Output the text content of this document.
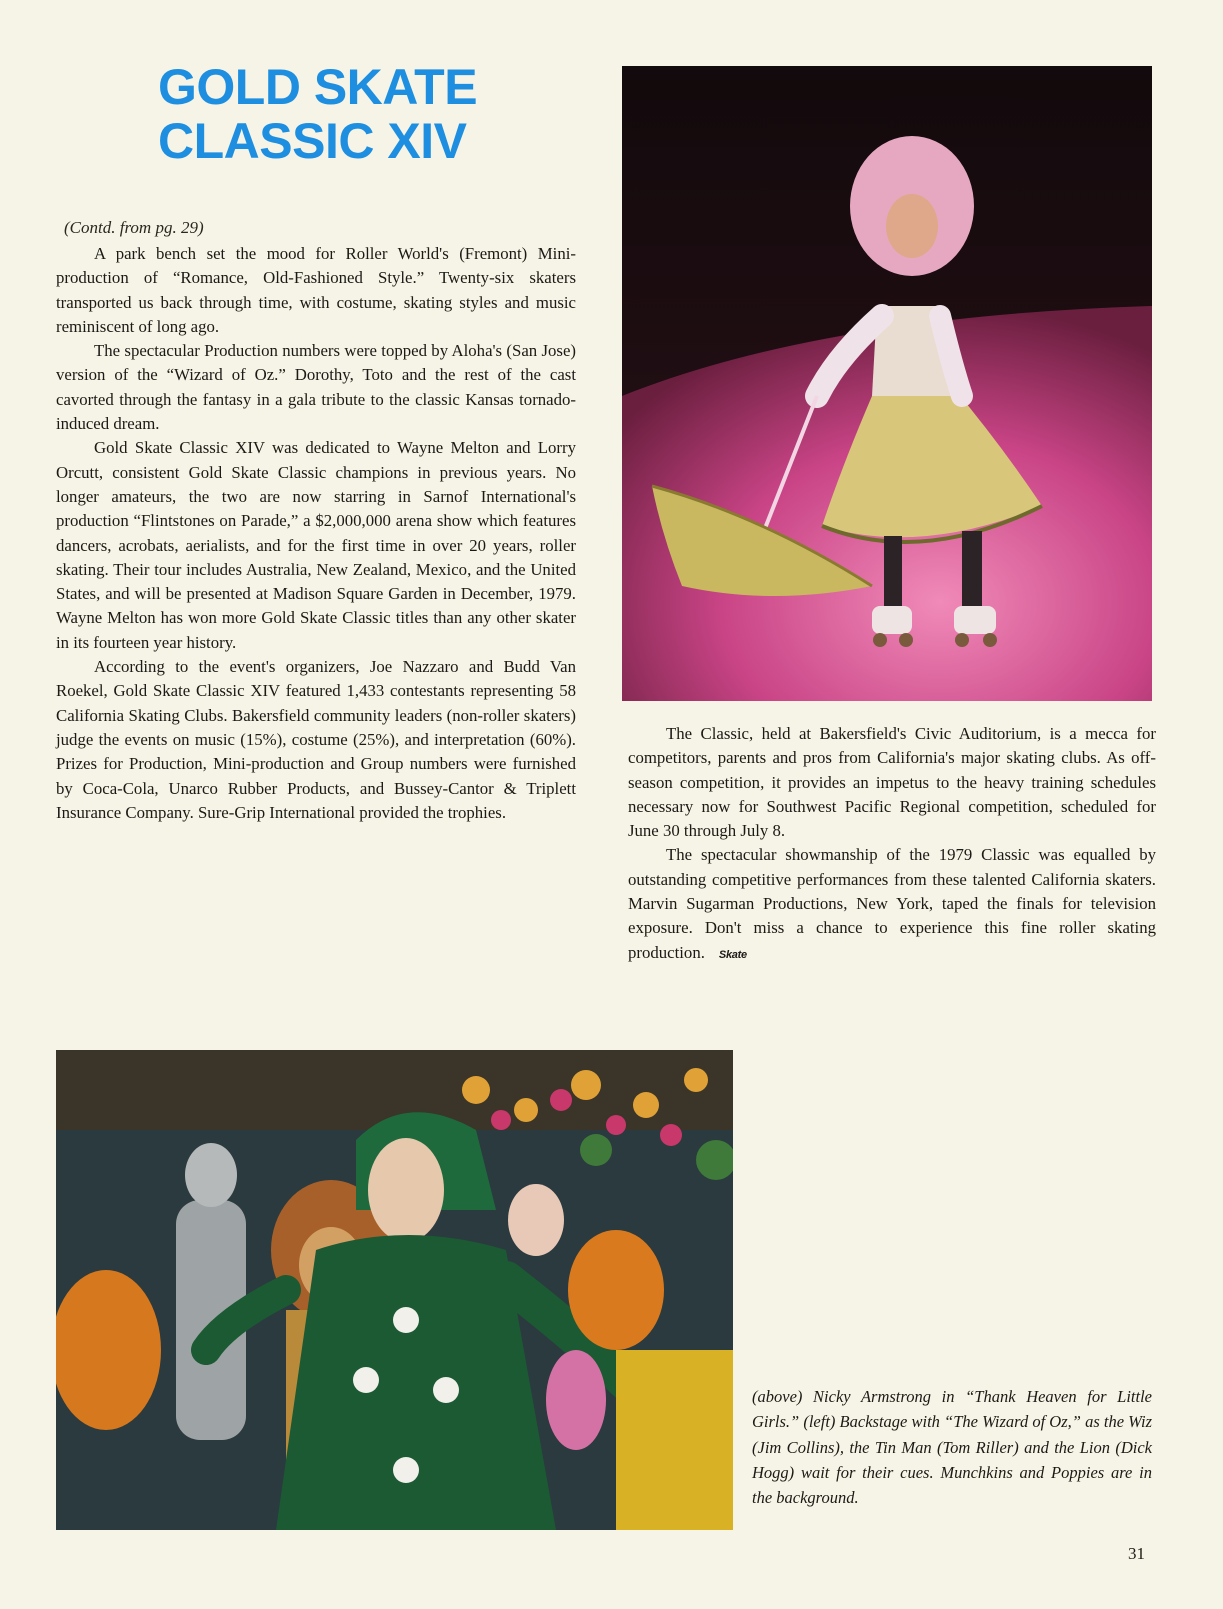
GOLD SKATE
CLASSIC XIV
(Contd. from pg. 29)

A park bench set the mood for Roller World's (Fremont) Mini-production of “Romance, Old-Fashioned Style.” Twenty-six skaters transported us back through time, with costume, skating styles and music reminiscent of long ago.

The spectacular Production numbers were topped by Aloha's (San Jose) version of the “Wizard of Oz.” Dorothy, Toto and the rest of the cast cavorted through the fantasy in a gala tribute to the classic Kansas tornado-induced dream.

Gold Skate Classic XIV was dedicated to Wayne Melton and Lorry Orcutt, consistent Gold Skate Classic champions in previous years. No longer amateurs, the two are now starring in Sarnof International's production “Flintstones on Parade,” a $2,000,000 arena show which features dancers, acrobats, aerialists, and for the first time in over 20 years, roller skating. Their tour includes Australia, New Zealand, Mexico, and the United States, and will be presented at Madison Square Garden in December, 1979. Wayne Melton has won more Gold Skate Classic titles than any other skater in its fourteen year history.

According to the event's organizers, Joe Nazzaro and Budd Van Roekel, Gold Skate Classic XIV featured 1,433 contestants representing 58 California Skating Clubs. Bakersfield community leaders (non-roller skaters) judge the events on music (15%), costume (25%), and interpretation (60%). Prizes for Production, Mini-production and Group numbers were furnished by Coca-Cola, Unarco Rubber Products, and Bussey-Cantor & Triplett Insurance Company. Sure-Grip International provided the trophies.

The Classic, held at Bakersfield's Civic Auditorium, is a mecca for competitors, parents and pros from California's major skating clubs. As off-season competition, it provides an impetus to the heavy training schedules necessary now for Southwest Pacific Regional competition, scheduled for June 30 through July 8.

The spectacular showmanship of the 1979 Classic was equalled by outstanding competitive performances from these talented California skaters. Marvin Sugarman Productions, New York, taped the finals for television exposure. Don't miss a chance to experience this fine roller skating production. Skate

(above) Nicky Armstrong in “Thank Heaven for Little Girls.” (left) Backstage with “The Wizard of Oz,” as the Wiz (Jim Collins), the Tin Man (Tom Riller) and the Lion (Dick Hogg) wait for their cues. Munchkins and Poppies are in the background.

31
